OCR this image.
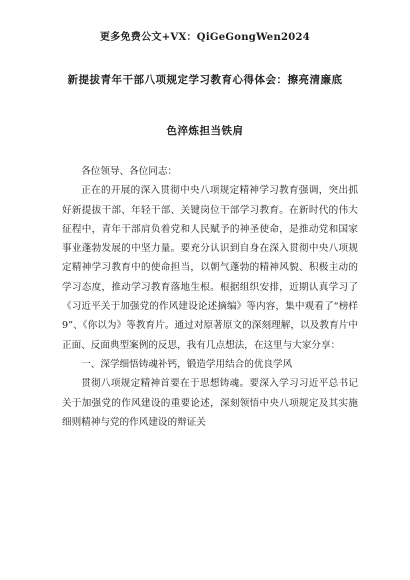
更多免费公文+VX：QiGeGongWen2024
新提拔青年干部八项规定学习教育心得体会：擦亮清廉底
色淬炼担当铁肩

各位领导、各位同志：

正在的开展的深入贯彻中央八项规定精神学习教育强调，突出抓好新提拔干部、年轻干部、关键岗位干部学习教育。在新时代的伟大征程中，青年干部肩负着党和人民赋予的神圣使命，是推动党和国家事业蓬勃发展的中坚力量。要充分认识到自身在深入贯彻中央八项规定精神学习教育中的使命担当，以朝气蓬勃的精神风貌、积极主动的学习态度，推动学习教育落地生根。根据组织安排，近期认真学习了《习近平关于加强党的作风建设论述摘编》等内容，集中观看了“榜样9”、《你以为》等教育片。通过对原著原文的深刻理解，以及教育片中正面、反面典型案例的反思，我有几点想法，在这里与大家分享：

一、深学细悟铸魂补钙，锻造学用结合的优良学风

贯彻八项规定精神首要在于思想铸魂。要深入学习习近平总书记关于加强党的作风建设的重要论述，深刻领悟中央八项规定及其实施细则精神与党的作风建设的辩证关
